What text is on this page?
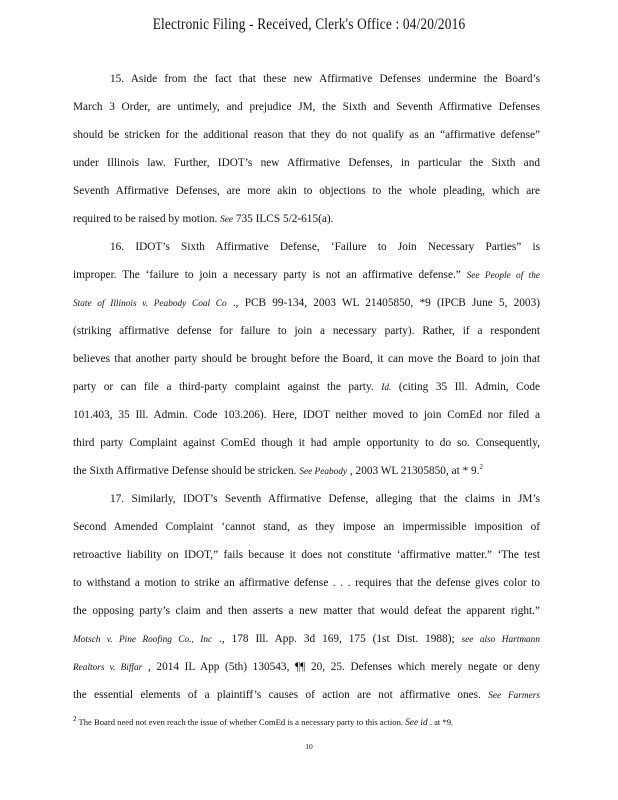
Electronic Filing - Received, Clerk's Office : 04/20/2016
15. Aside from the fact that these new Affirmative Defenses undermine the Board’s
March 3 Order, are untimely, and prejudice JM, the Sixth and Seventh Affirmative Defenses
should be stricken for the additional reason that they do not qualify as an “affirmative defense”
under Illinois law. Further, IDOT’s new Affirmative Defenses, in particular the Sixth and
Seventh Affirmative Defenses, are more akin to objections to the whole pleading, which are
required to be raised by motion. See 735 ILCS 5/2-615(a).
16. IDOT’s Sixth Affirmative Defense, ‘Failure to Join Necessary Parties” is
improper. The ‘failure to join a necessary party is not an affirmative defense.” See People of the
State of Illinois v. Peabody Coal Co ., PCB 99-134, 2003 WL 21405850, *9 (IPCB June 5, 2003)
(striking affirmative defense for failure to join a necessary party). Rather, if a respondent
believes that another party should be brought before the Board, it can move the Board to join that
party or can file a third-party complaint against the party. Id. (citing 35 Ill. Admin, Code
101.403, 35 Ill. Admin. Code 103.206). Here, IDOT neither moved to join ComEd nor filed a
third party Complaint against ComEd though it had ample opportunity to do so. Consequently,
the Sixth Affirmative Defense should be stricken. See Peabody , 2003 WL 21305850, at * 9.$^2$
17. Similarly, IDOT’s Seventh Affirmative Defense, alleging that the claims in JM’s
Second Amended Complaint ‘cannot stand, as they impose an impermissible imposition of
retroactive liability on IDOT,” fails because it does not constitute ‘affirmative matter.” ‘The test
to withstand a motion to strike an affirmative defense . . . requires that the defense gives color to
the opposing party’s claim and then asserts a new matter that would defeat the apparent right.”
Motsch v. Pine Roofing Co., Inc ., 178 Ill. App. 3d 169, 175 (1st Dist. 1988); see also Hartmann
Realtors v. Biffar , 2014 IL App (5th) 130543, ¶¶ 20, 25. Defenses which merely negate or deny
the essential elements of a plaintiff’s causes of action are not affirmative ones. See Farmers
$^2$ The Board need not even reach the issue of whether ComEd is a necessary party to this action. See id . at *9.
10
